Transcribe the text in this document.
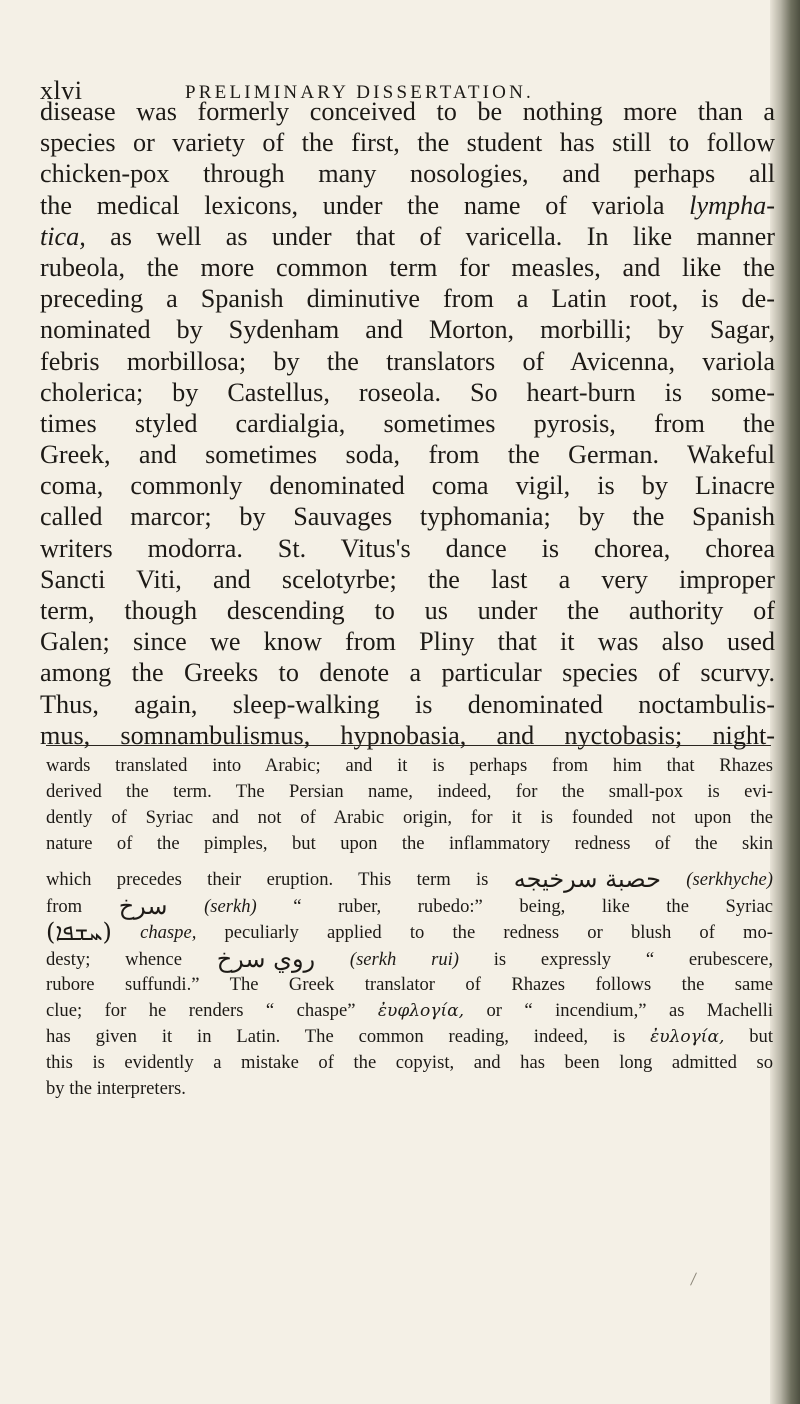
xlvi	PRELIMINARY DISSERTATION.
disease was formerly conceived to be nothing more than a
species or variety of the first, the student has still to follow
chicken-pox through many nosologies, and perhaps all
the medical lexicons, under the name of variola lympha-
tica, as well as under that of varicella. In like manner
rubeola, the more common term for measles, and like the
preceding a Spanish diminutive from a Latin root, is de-
nominated by Sydenham and Morton, morbilli; by Sagar,
febris morbillosa; by the translators of Avicenna, variola
cholerica; by Castellus, roseola. So heart-burn is some-
times styled cardialgia, sometimes pyrosis, from the
Greek, and sometimes soda, from the German. Wakeful
coma, commonly denominated coma vigil, is by Linacre
called marcor; by Sauvages typhomania; by the Spanish
writers modorra. St. Vitus's dance is chorea, chorea
Sancti Viti, and scelotyrbe; the last a very improper
term, though descending to us under the authority of
Galen; since we know from Pliny that it was also used
among the Greeks to denote a particular species of scurvy.
Thus, again, sleep-walking is denominated noctambulis-
mus, somnambulismus, hypnobasia, and nyctobasis; night-
wards translated into Arabic; and it is perhaps from him that Rhazes
derived the term. The Persian name, indeed, for the small-pox is evi-
dently of Syriac and not of Arabic origin, for it is founded not upon the
nature of the pimples, but upon the inflammatory redness of the skin
which precedes their eruption. This term is ﺣﺼﺒﺔ ﺳﺮﺧﻴﺠﻪ (serkhyche)
from ﺳﺮﺥ (serkh) “ ruber, rubedo:” being, like the Syriac
(ܚܫܦܐ) chaspe, peculiarly applied to the redness or blush of mo-
desty; whence ﺭﻭﻱ ﺳﺮﺥ (serkh rui) is expressly “ erubescere,
rubore suffundi.” The Greek translator of Rhazes follows the same
clue; for he renders “ chaspe” ἐυφλογία, or “ incendium,” as Machelli
has given it in Latin. The common reading, indeed, is ἐυλογία, but
this is evidently a mistake of the copyist, and has been long admitted so
by the interpreters.
